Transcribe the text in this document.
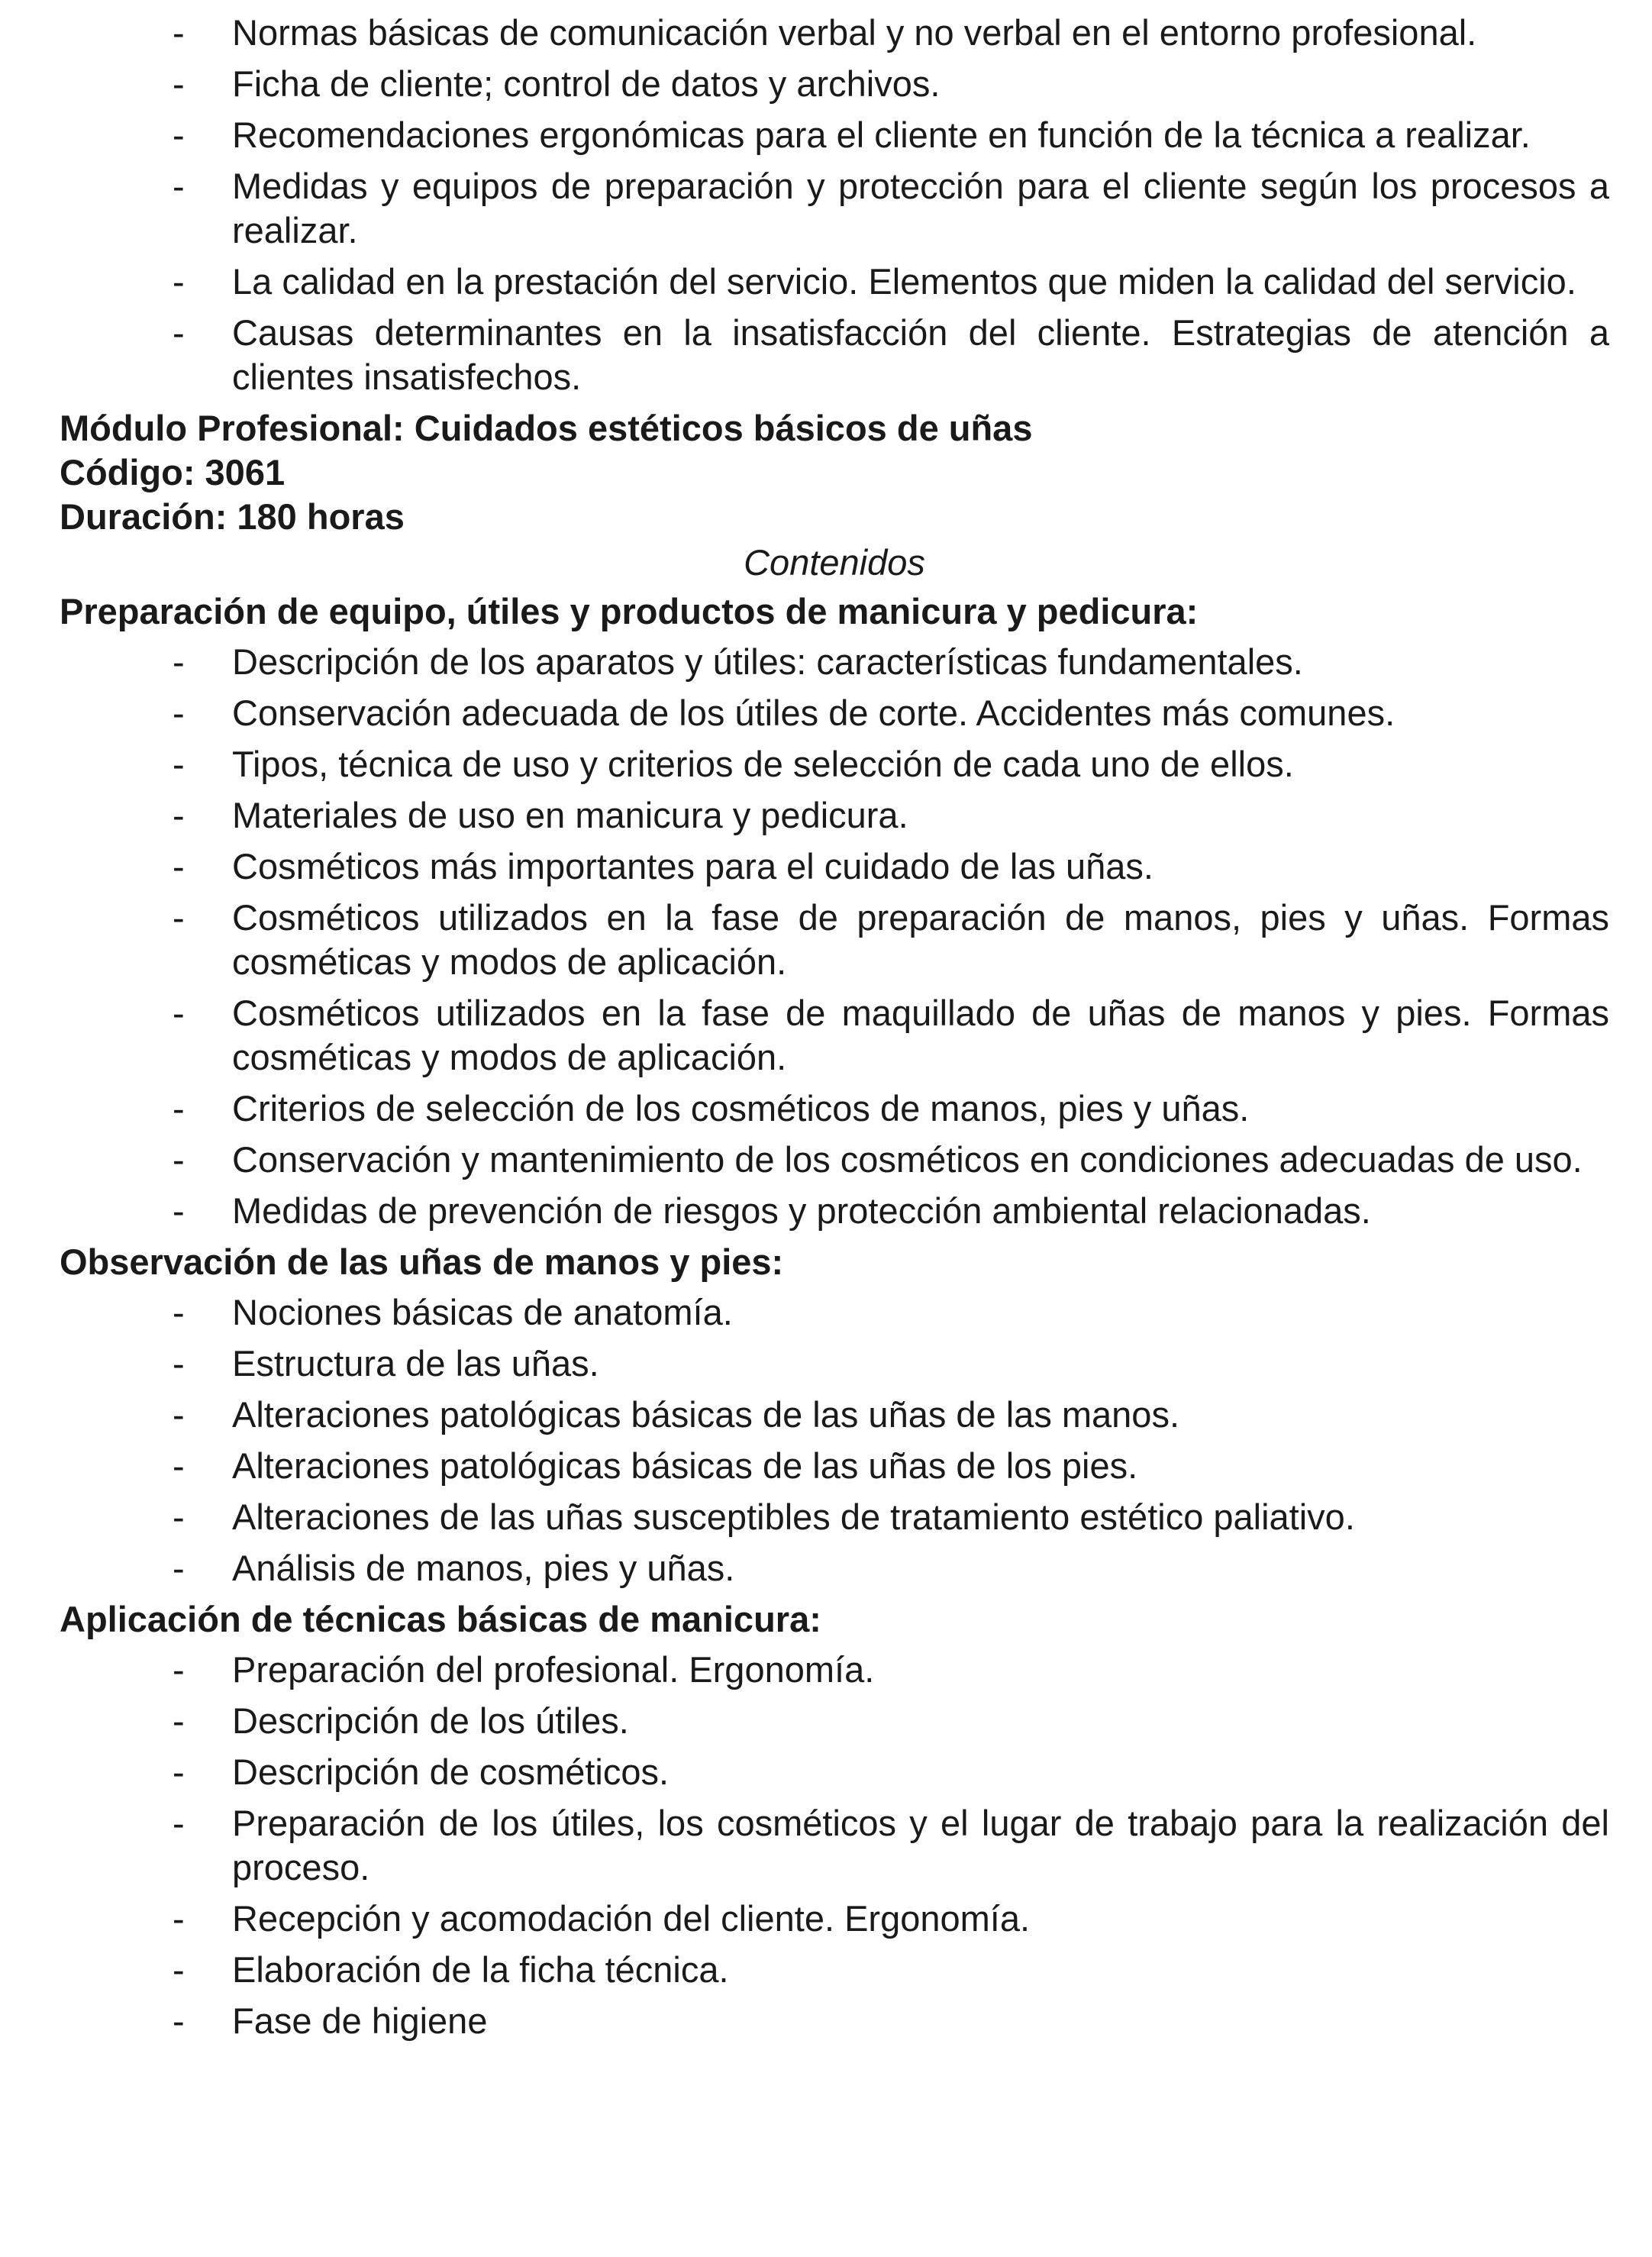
- Normas básicas de comunicación verbal y no verbal en el entorno profesional.
- Ficha de cliente; control de datos y archivos.
- Recomendaciones ergonómicas para el cliente en función de la técnica a realizar.
- Medidas y equipos de preparación y protección para el cliente según los procesos a realizar.
- La calidad en la prestación del servicio. Elementos que miden la calidad del servicio.
- Causas determinantes en la insatisfacción del cliente. Estrategias de atención a clientes insatisfechos.

Módulo Profesional: Cuidados estéticos básicos de uñas

Código: 3061

Duración: 180 horas

Contenidos

Preparación de equipo, útiles y productos de manicura y pedicura:

- Descripción de los aparatos y útiles: características fundamentales.
- Conservación adecuada de los útiles de corte. Accidentes más comunes.
- Tipos, técnica de uso y criterios de selección de cada uno de ellos.
- Materiales de uso en manicura y pedicura.
- Cosméticos más importantes para el cuidado de las uñas.
- Cosméticos utilizados en la fase de preparación de manos, pies y uñas. Formas cosméticas y modos de aplicación.
- Cosméticos utilizados en la fase de maquillado de uñas de manos y pies. Formas cosméticas y modos de aplicación.
- Criterios de selección de los cosméticos de manos, pies y uñas.
- Conservación y mantenimiento de los cosméticos en condiciones adecuadas de uso.
- Medidas de prevención de riesgos y protección ambiental relacionadas.

Observación de las uñas de manos y pies:

- Nociones básicas de anatomía.
- Estructura de las uñas.
- Alteraciones patológicas básicas de las uñas de las manos.
- Alteraciones patológicas básicas de las uñas de los pies.
- Alteraciones de las uñas susceptibles de tratamiento estético paliativo.
- Análisis de manos, pies y uñas.

Aplicación de técnicas básicas de manicura:

- Preparación del profesional. Ergonomía.
- Descripción de los útiles.
- Descripción de cosméticos.
- Preparación de los útiles, los cosméticos y el lugar de trabajo para la realización del proceso.
- Recepción y acomodación del cliente. Ergonomía.
- Elaboración de la ficha técnica.
- Fase de higiene
